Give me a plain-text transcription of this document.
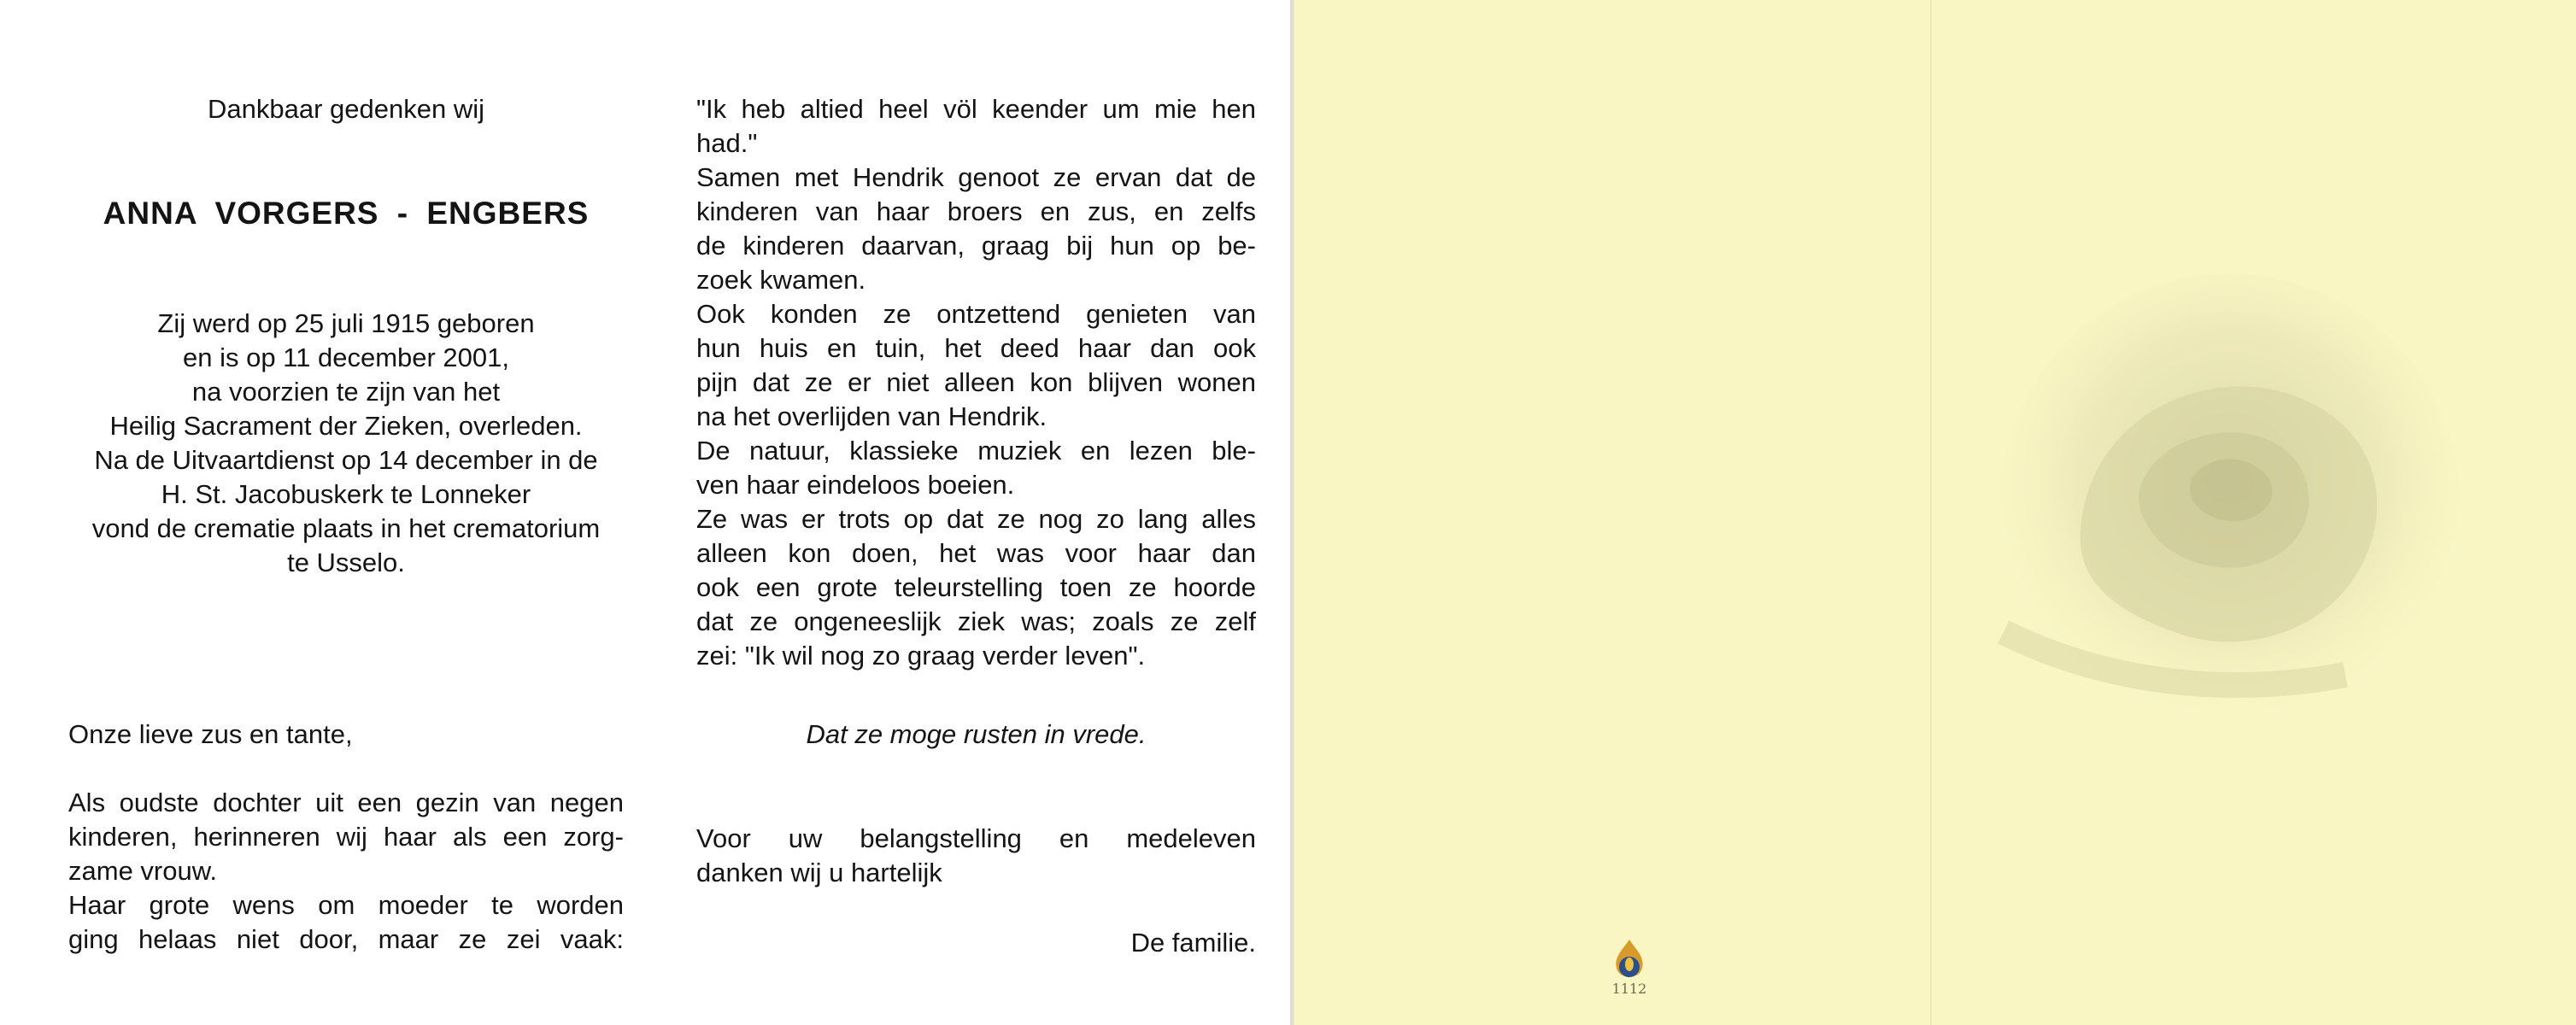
Dankbaar gedenken wij
ANNA VORGERS - ENGBERS
Zij werd op 25 juli 1915 geboren
en is op 11 december 2001,
na voorzien te zijn van het
Heilig Sacrament der Zieken, overleden.
Na de Uitvaartdienst op 14 december in de
H. St. Jacobuskerk te Lonneker
vond de crematie plaats in het crematorium
te Usselo.
Onze lieve zus en tante,
Als oudste dochter uit een gezin van negen
kinderen, herinneren wij haar als een zorg-
zame vrouw.
Haar grote wens om moeder te worden
ging helaas niet door, maar ze zei vaak:
"Ik heb altied heel völ keender um mie hen
had."
Samen met Hendrik genoot ze ervan dat de
kinderen van haar broers en zus, en zelfs
de kinderen daarvan, graag bij hun op be-
zoek kwamen.
Ook konden ze ontzettend genieten van
hun huis en tuin, het deed haar dan ook
pijn dat ze er niet alleen kon blijven wonen
na het overlijden van Hendrik.
De natuur, klassieke muziek en lezen ble-
ven haar eindeloos boeien.
Ze was er trots op dat ze nog zo lang alles
alleen kon doen, het was voor haar dan
ook een grote teleurstelling toen ze hoorde
dat ze ongeneeslijk ziek was; zoals ze zelf
zei: "Ik wil nog zo graag verder leven".
Dat ze moge rusten in vrede.
Voor uw belangstelling en medeleven
danken wij u hartelijk
De familie.
1112
